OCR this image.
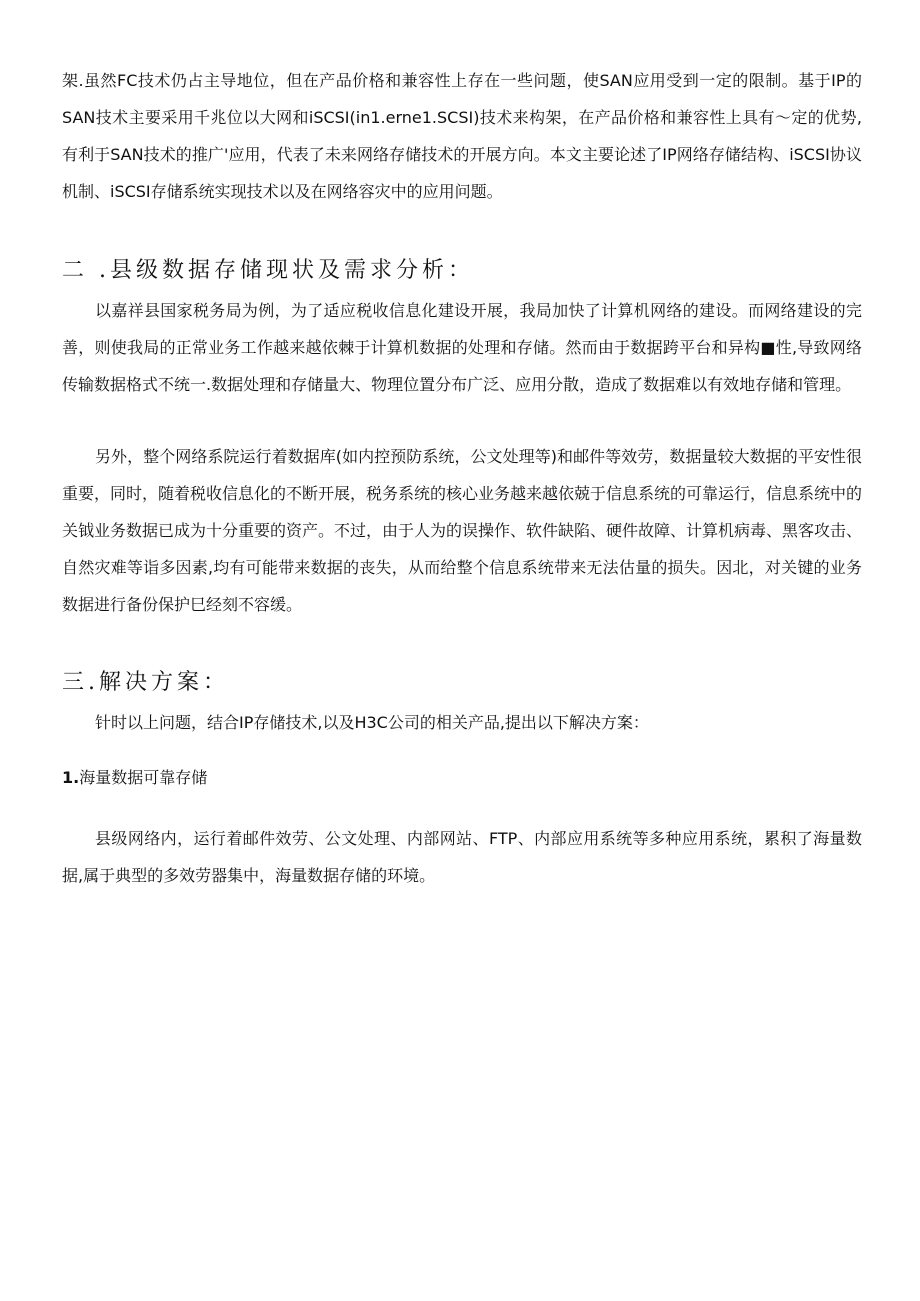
架.虽然FC技术仍占主导地位，但在产品价格和兼容性上存在一些问题，使SAN应用受到一定的限制。基于IP的SAN技术主要采用千兆位以大网和iSCSI(in1.erne1.SCSI)技术来构架，在产品价格和兼容性上具有〜定的优势,有利于SAN技术的推广'应用，代表了未来网络存储技术的开展方向。本文主要论述了IP网络存储结构、iSCSI协议机制、iSCSI存储系统实现技术以及在网络容灾中的应用问题。

二 .县级数据存储现状及需求分析：

以嘉祥县国家税务局为例，为了适应税收信息化建设开展，我局加快了计算机网络的建设。而网络建设的完善，则使我局的正常业务工作越来越依棘于计算机数据的处理和存储。然而由于数据跨平台和异构■性,导致网络传输数据格式不统一.数据处理和存储量大、物理位置分布广泛、应用分散，造成了数据难以有效地存储和管理。

另外，整个网络系院运行着数据库(如内控预防系统，公文处理等)和邮件等效劳，数据量较大数据的平安性很重要，同时，随着税收信息化的不断开展，税务系统的核心业务越来越依兢于信息系统的可靠运行，信息系统中的关钺业务数据已成为十分重要的资产。不过，由于人为的误操作、软件缺陷、硬件故障、计算机病毒、黑客攻击、自然灾难等诣多因素,均有可能带来数据的丧失，从而给整个信息系统带来无法估量的损失。因北，对关键的业务数据进行备份保护巳经刻不容缓。

三.解决方案：

针时以上问题，结合IP存储技术,以及H3C公司的相关产品,提出以下解决方案：

1.海量数据可靠存储

县级网络内，运行着邮件效劳、公文处理、内部网站、FTP、内部应用系统等多种应用系统，累积了海量数据,属于典型的多效劳器集中，海量数据存储的环境。
